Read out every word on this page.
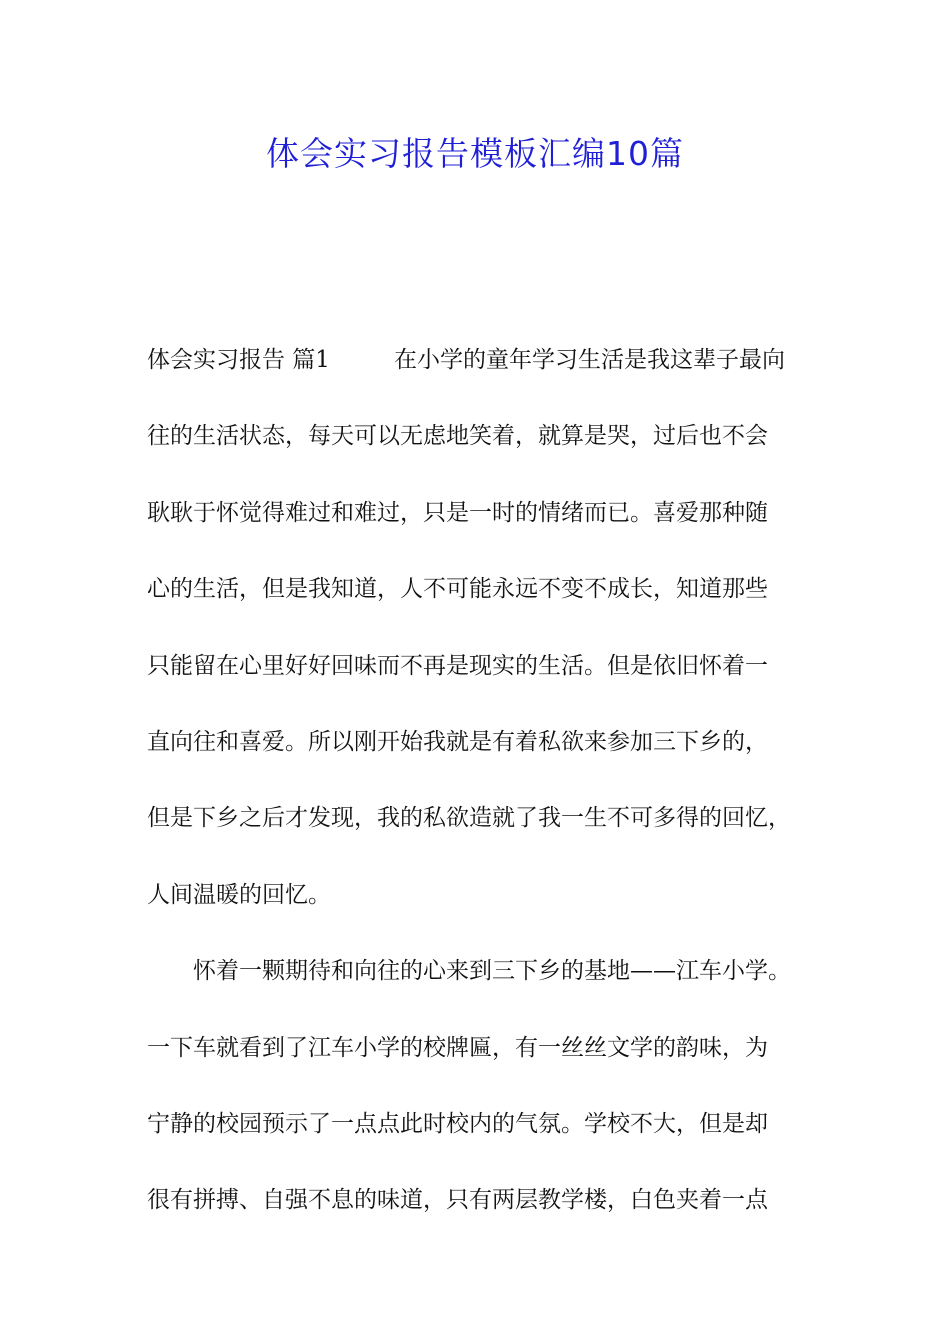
体会实习报告模板汇编10篇
体会实习报告 篇1	在小学的童年学习生活是我这辈子最向
往的生活状态，每天可以无虑地笑着，就算是哭，过后也不会
耿耿于怀觉得难过和难过，只是一时的情绪而已。喜爱那种随
心的生活，但是我知道，人不可能永远不变不成长，知道那些
只能留在心里好好回味而不再是现实的生活。但是依旧怀着一
直向往和喜爱。所以刚开始我就是有着私欲来参加三下乡的，
但是下乡之后才发现，我的私欲造就了我一生不可多得的回忆，
人间温暖的回忆。
怀着一颗期待和向往的心来到三下乡的基地——江车小学。
一下车就看到了江车小学的校牌匾，有一丝丝文学的韵味，为
宁静的校园预示了一点点此时校内的气氛。学校不大，但是却
很有拼搏、自强不息的味道，只有两层教学楼，白色夹着一点
